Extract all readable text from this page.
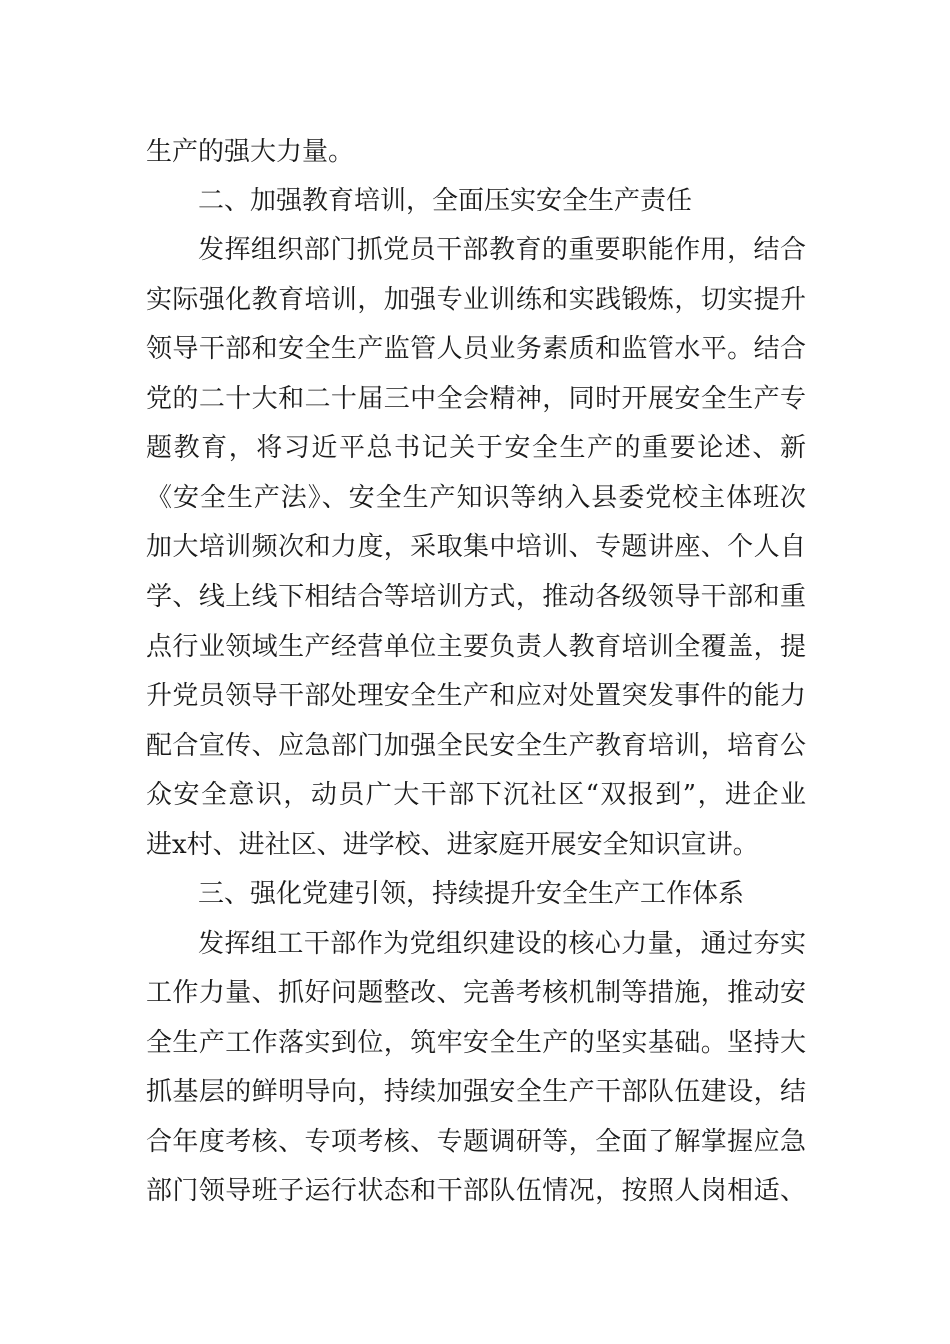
生产的强大力量。
二、加强教育培训，全面压实安全生产责任
发挥组织部门抓党员干部教育的重要职能作用，结合
实际强化教育培训，加强专业训练和实践锻炼，切实提升
领导干部和安全生产监管人员业务素质和监管水平。结合
党的二十大和二十届三中全会精神，同时开展安全生产专
题教育，将习近平总书记关于安全生产的重要论述、新
《安全生产法》、安全生产知识等纳入县委党校主体班次
加大培训频次和力度，采取集中培训、专题讲座、个人自
学、线上线下相结合等培训方式，推动各级领导干部和重
点行业领域生产经营单位主要负责人教育培训全覆盖，提
升党员领导干部处理安全生产和应对处置突发事件的能力
配合宣传、应急部门加强全民安全生产教育培训，培育公
众安全意识，动员广大干部下沉社区“双报到”，进企业
进x村、进社区、进学校、进家庭开展安全知识宣讲。
三、强化党建引领，持续提升安全生产工作体系
发挥组工干部作为党组织建设的核心力量，通过夯实
工作力量、抓好问题整改、完善考核机制等措施，推动安
全生产工作落实到位，筑牢安全生产的坚实基础。坚持大
抓基层的鲜明导向，持续加强安全生产干部队伍建设，结
合年度考核、专项考核、专题调研等，全面了解掌握应急
部门领导班子运行状态和干部队伍情况，按照人岗相适、
